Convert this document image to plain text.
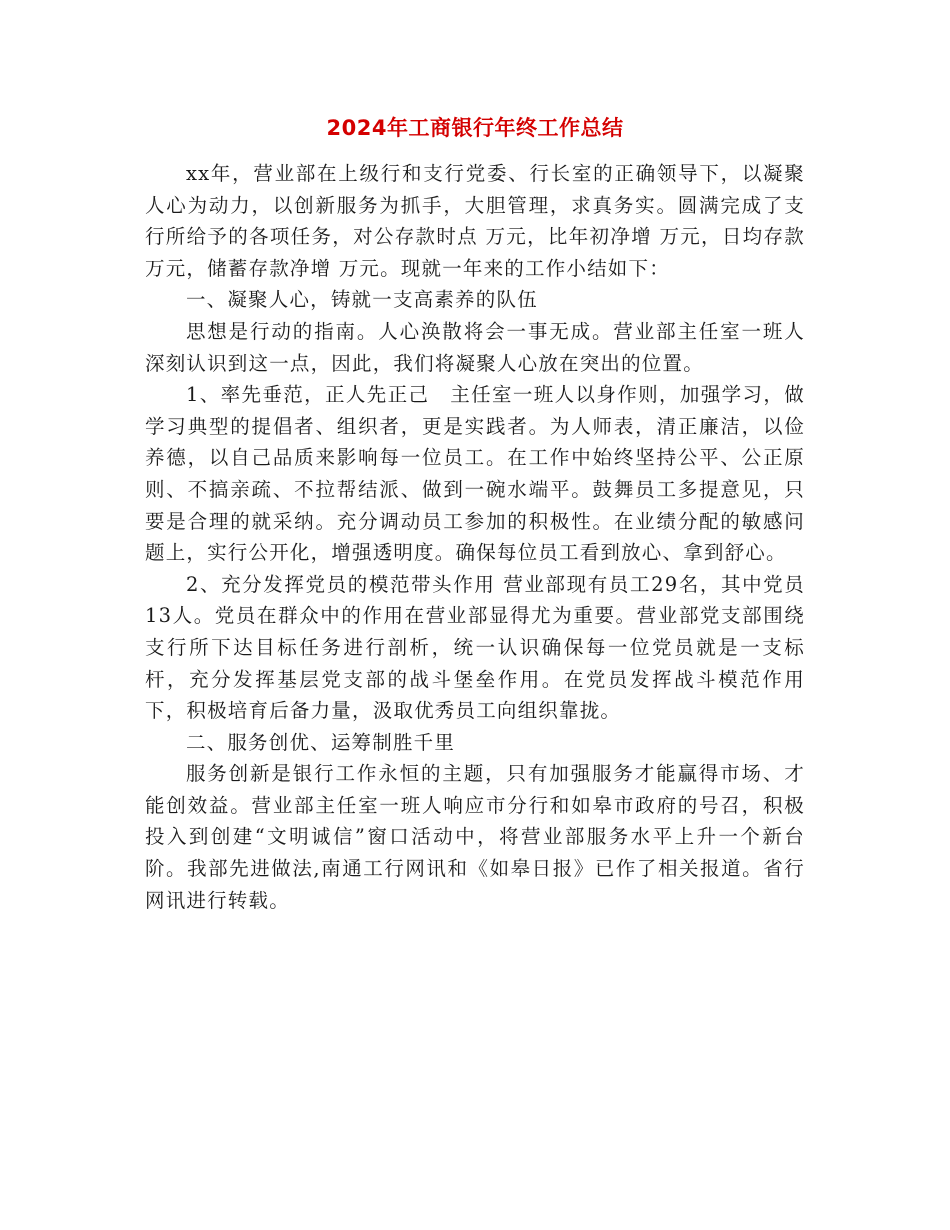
2024年工商银行年终工作总结

xx年，营业部在上级行和支行党委、行长室的正确领导下，以凝聚人心为动力，以创新服务为抓手，大胆管理，求真务实。圆满完成了支行所给予的各项任务，对公存款时点 万元，比年初净增 万元，日均存款 万元，储蓄存款净增 万元。现就一年来的工作小结如下：

一、凝聚人心，铸就一支高素养的队伍

思想是行动的指南。人心涣散将会一事无成。营业部主任室一班人深刻认识到这一点，因此，我们将凝聚人心放在突出的位置。

1、率先垂范，正人先正己　主任室一班人以身作则，加强学习，做学习典型的提倡者、组织者，更是实践者。为人师表，清正廉洁，以俭养德，以自己品质来影响每一位员工。在工作中始终坚持公平、公正原则、不搞亲疏、不拉帮结派、做到一碗水端平。鼓舞员工多提意见，只要是合理的就采纳。充分调动员工参加的积极性。在业绩分配的敏感问题上，实行公开化，增强透明度。确保每位员工看到放心、拿到舒心。

2、充分发挥党员的模范带头作用 营业部现有员工29名，其中党员13人。党员在群众中的作用在营业部显得尤为重要。营业部党支部围绕支行所下达目标任务进行剖析，统一认识确保每一位党员就是一支标杆，充分发挥基层党支部的战斗堡垒作用。在党员发挥战斗模范作用下，积极培育后备力量，汲取优秀员工向组织靠拢。

二、服务创优、运筹制胜千里

服务创新是银行工作永恒的主题，只有加强服务才能赢得市场、才能创效益。营业部主任室一班人响应市分行和如皋市政府的号召，积极投入到创建“文明诚信”窗口活动中，将营业部服务水平上升一个新台阶。我部先进做法,南通工行网讯和《如皋日报》已作了相关报道。省行网讯进行转载。
